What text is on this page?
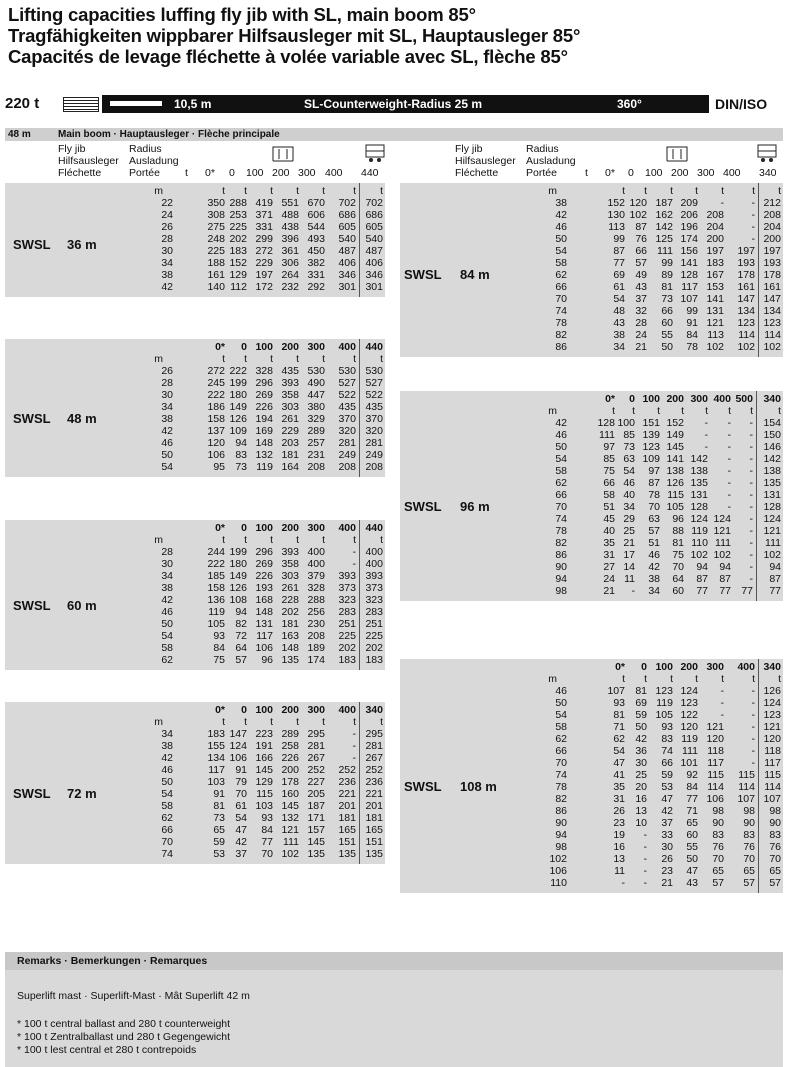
Lifting capacities luffing fly jib with SL, main boom 85°
Tragfähigkeiten wippbarer Hilfsausleger mit SL, Hauptausleger 85°
Capacités de levage fléchette à volée variable avec SL, flèche 85°
220 t	10,5 m	SL-Counterweight-Radius 25 m	360°	DIN/ISO
48 m	Main boom · Hauptausleger · Flèche principale
Fly jib
Hilfsausleger
Fléchette
Radius
Ausladung
Portée t 0* 0 100 200 300 400 440
Fly jib
Hilfsausleger
Fléchette
Radius
Ausladung
Portée	t 0* 0 100 200 300 400 340
m	t t t t t	t t
22	350 288 419 551 670 702 702
24	308 253 371 488 606 686 686
26	275 225 331 438 544 605 605
28	248 202 299 396 493 540 540
30	225 183 272 361 450 487 487
34	188 152 229 306 382 406 406
38	161 129 197 264 331 346 346
42	140 112 172 232 292 301 301
SWSL 36 m
0* 0 100 200 300 400 440
m	t t t t t	t t
26	272 222 328 435 530 530 530
28	245 199 296 393 490 527 527
30	222 180 269 358 447 522 522
34	186 149 226 303 380 435 435
38	158 126 194 261 329 370 370
42	137 109 169 229 289 320 320
46	120 94 148 203 257 281 281
50	106 83 132 181 231 249 249
54	95 73 119 164 208 208 208
SWSL 48 m
0* 0 100 200 300 400 440
m	t t t t t	t t
28	244 199 296 393 400	- 400
30	222 180 269 358 400	- 400
34	185 149 226 303 379 393 393
38	158 126 193 261 328 373 373
42	136 108 168 228 288 323 323
46	119 94 148 202 256 283 283
50	105 82 131 181 230 251 251
54	93 72 117 163 208 225 225
58	84 64 106 148 189 202 202
62	75 57 96 135 174 183 183
SWSL 60 m
0* 0 100 200 300 400 340
m	t t t t t	t t
34	183 147 223 289 295	- 295
38	155 124 191 258 281	- 281
42	134 106 166 226 267	- 267
46	117 91 145 200 252 252 252
50	103 79 129 178 227 236 236
54	91 70 115 160 205 221 221
58	81 61 103 145 187 201 201
62	73 54 93 132 171 181 181
66	65 47 84 121 157 165 165
70	59 42 77 111 145 151 151
74	53 37 70 102 135 135 135
SWSL 72 m
m	t t t t t	t t
38	152 120 187 209 -	- 212
42	130 102 162 206 208	- 208
46	113 87 142 196 204	- 204
50	99 76 125 174 200	- 200
54	87 66 111 156 197 197 197
58	77 57 99 141 183 193 193
62	69 49 89 128 167 178 178
66	61 43 81 117 153 161 161
70	54 37 73 107 141 147 147
74	48 32 66 99 131 134 134
78	43 28 60 91 121 123 123
82	38 24 55 84 113 114 114
86	34 21 50 78 102 102 102
SWSL 84 m
0* 0 100 200 300 400 500 340
m	t t t t t t t t
42	128 100 151 152 - - - 154
46	111 85 139 149 - - - 150
50	97 73 123 145 - - - 146
54	85 63 109 141 142 - - 142
58	75 54 97 138 138 - - 138
62	66 46 87 126 135 - - 135
66	58 40 78 115 131 - - 131
70	51 34 70 105 128 - - 128
74	45 29 63 96 124 124 - 124
78	40 25 57 88 119 121 - 121
82	35 21 51 81 110 111 - 111
86	31 17 46 75 102 102 - 102
90	27 14 42 70 94 94 - 94
94	24 11 38 64 87 87 - 87
98	21 - 34 60 77 77 77 77
SWSL 96 m
0* 0 100 200 300 400 340
m	t t t t t	t t
46	107 81 123 124 -	- 126
50	93 69 119 123 -	- 124
54	81 59 105 122 -	- 123
58	71 50 93 120 121	- 121
62	62 42 83 119 120	- 120
66	54 36 74 111 118	- 118
70	47 30 66 101 117	- 117
74	41 25 59 92 115 115 115
78	35 20 53 84 114 114 114
82	31 16 47 77 106 107 107
86	26 13 42 71 98 98 98
90	23 10 37 65 90 90 90
94	19 - 33 60 83 83 83
98	16 - 30 55 76 76 76
102	13 - 26 50 70 70 70
106	11 - 23 47 65 65 65
110	- - 21 43 57 57 57
SWSL 108 m
Remarks · Bemerkungen · Remarques
Superlift mast · Superlift-Mast · Mât Superlift 42 m
* 100 t central ballast and 280 t counterweight
* 100 t Zentralballast und 280 t Gegengewicht
* 100 t lest central et 280 t contrepoids
